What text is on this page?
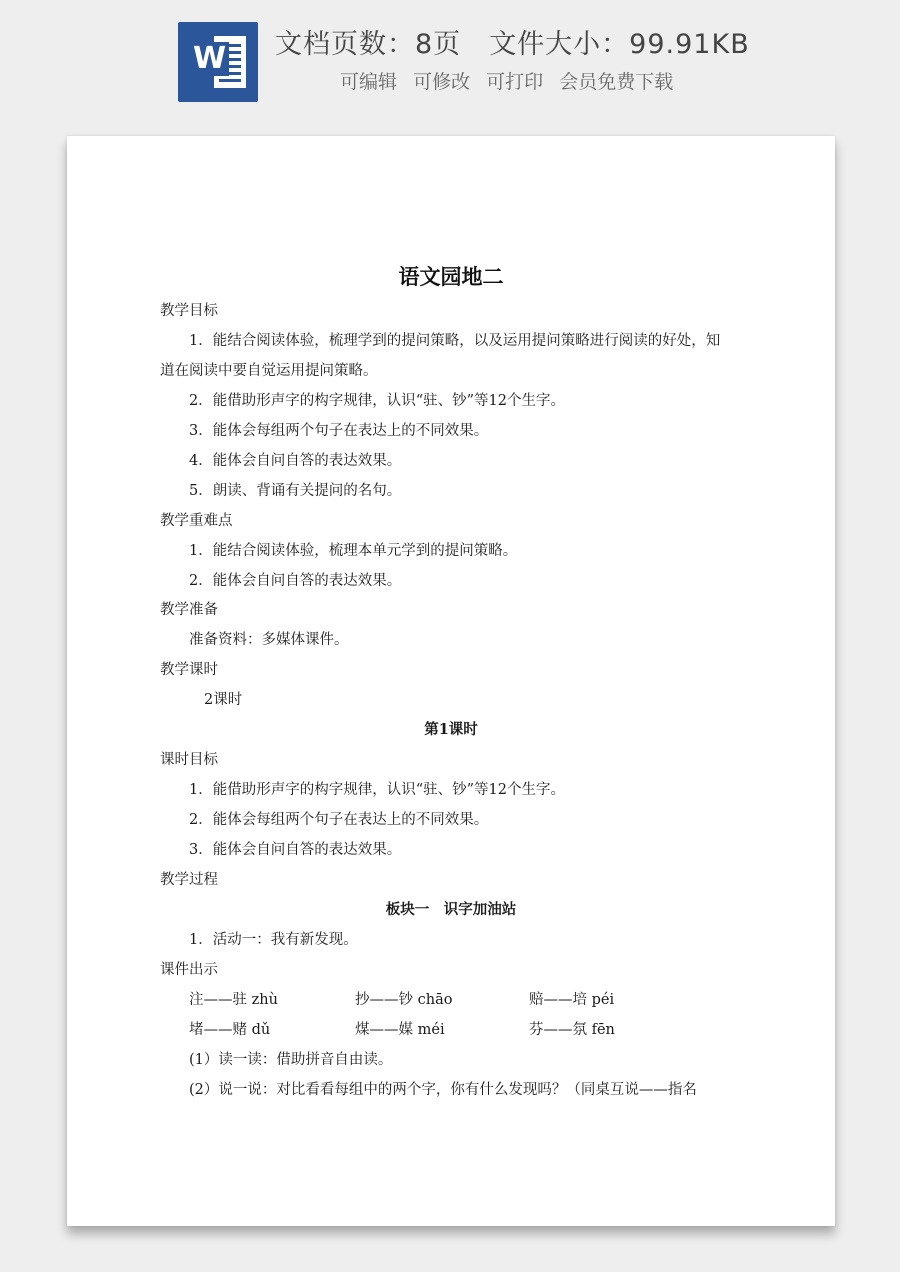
W 文档页数：8页 文件大小：99.91KB
可编辑 可修改 可打印 会员免费下载
语文园地二
教学目标
1．能结合阅读体验，梳理学到的提问策略，以及运用提问策略进行阅读的好处，知
道在阅读中要自觉运用提问策略。
2．能借助形声字的构字规律，认识“驻、钞”等12个生字。
3．能体会每组两个句子在表达上的不同效果。
4．能体会自问自答的表达效果。
5．朗读、背诵有关提问的名句。
教学重难点
1．能结合阅读体验，梳理本单元学到的提问策略。
2．能体会自问自答的表达效果。
教学准备
准备资料：多媒体课件。
教学课时
2课时
第1课时
课时目标
1．能借助形声字的构字规律，认识“驻、钞”等12个生字。
2．能体会每组两个句子在表达上的不同效果。
3．能体会自问自答的表达效果。
教学过程
板块一　识字加油站
1．活动一：我有新发现。
课件出示
注——驻 zhù	抄——钞 chāo	赔——培 péi
堵——赌 dǔ	煤——媒 méi	芬——氛 fēn
(1）读一读：借助拼音自由读。
(2）说一说：对比看看每组中的两个字，你有什么发现吗？（同桌互说——指名
